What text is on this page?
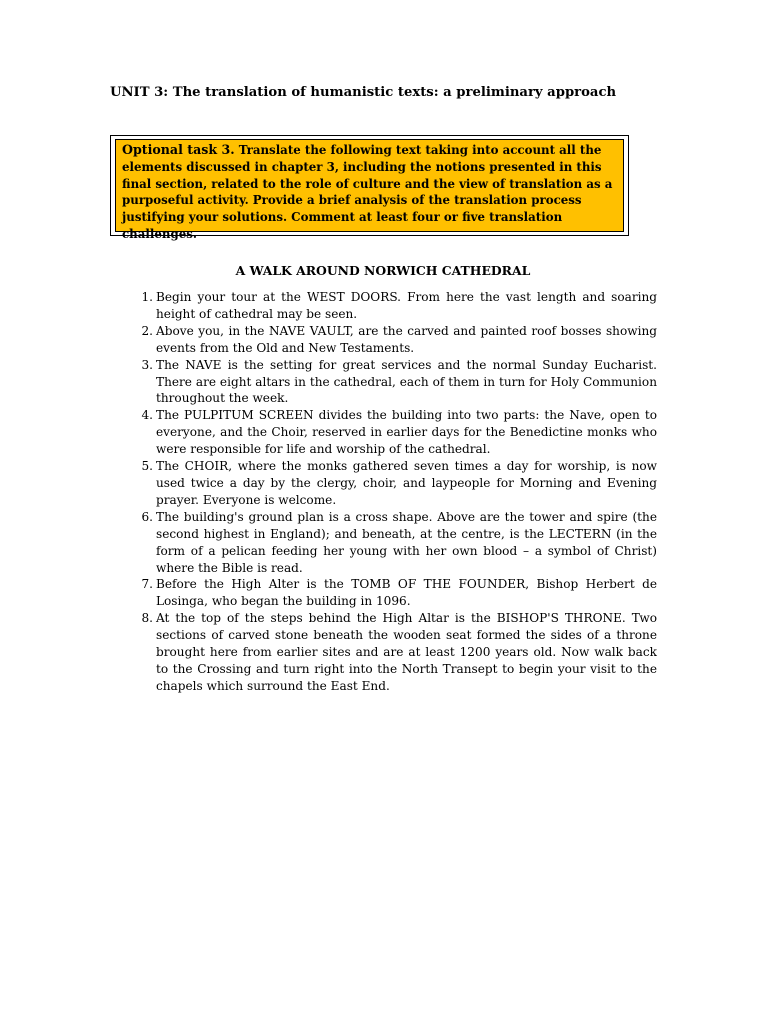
UNIT 3: The translation of humanistic texts: a preliminary approach
Optional task 3. Translate the following text taking into account all the elements discussed in chapter 3, including the notions presented in this final section, related to the role of culture and the view of translation as a purposeful activity. Provide a brief analysis of the translation process justifying your solutions. Comment at least four or five translation challenges.
A WALK AROUND NORWICH CATHEDRAL
1. Begin your tour at the WEST DOORS. From here the vast length and soaring height of cathedral may be seen.
2. Above you, in the NAVE VAULT, are the carved and painted roof bosses showing events from the Old and New Testaments.
3. The NAVE is the setting for great services and the normal Sunday Eucharist. There are eight altars in the cathedral, each of them in turn for Holy Communion throughout the week.
4. The PULPITUM SCREEN divides the building into two parts: the Nave, open to everyone, and the Choir, reserved in earlier days for the Benedictine monks who were responsible for life and worship of the cathedral.
5. The CHOIR, where the monks gathered seven times a day for worship, is now used twice a day by the clergy, choir, and laypeople for Morning and Evening prayer. Everyone is welcome.
6. The building's ground plan is a cross shape. Above are the tower and spire (the second highest in England); and beneath, at the centre, is the LECTERN (in the form of a pelican feeding her young with her own blood – a symbol of Christ) where the Bible is read.
7. Before the High Alter is the TOMB OF THE FOUNDER, Bishop Herbert de Losinga, who began the building in 1096.
8. At the top of the steps behind the High Altar is the BISHOP'S THRONE. Two sections of carved stone beneath the wooden seat formed the sides of a throne brought here from earlier sites and are at least 1200 years old. Now walk back to the Crossing and turn right into the North Transept to begin your visit to the chapels which surround the East End.
